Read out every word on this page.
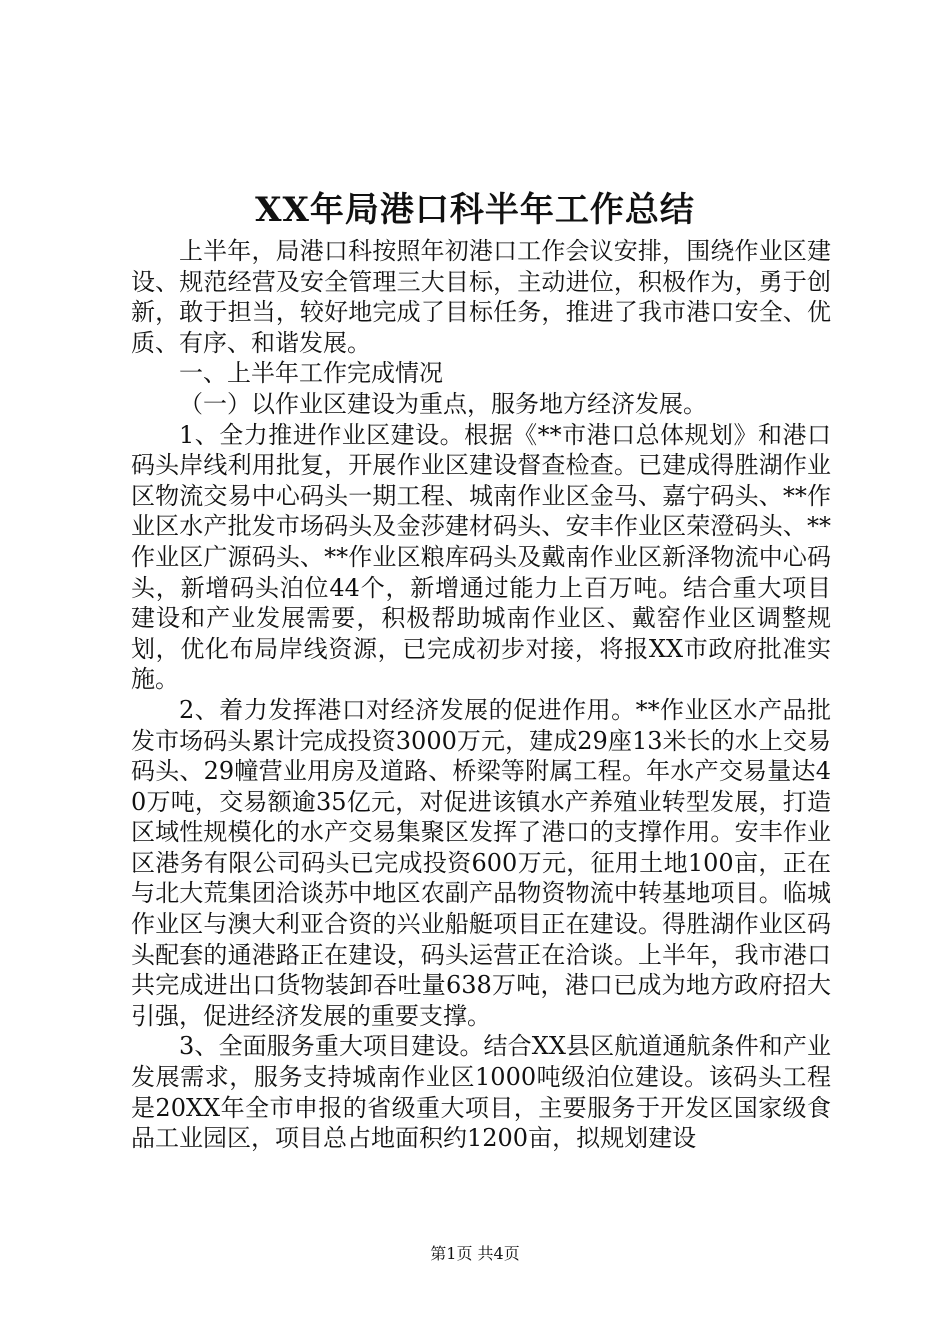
XX年局港口科半年工作总结

上半年，局港口科按照年初港口工作会议安排，围绕作业区建设、规范经营及安全管理三大目标，主动进位，积极作为，勇于创新，敢于担当，较好地完成了目标任务，推进了我市港口安全、优质、有序、和谐发展。

一、上半年工作完成情况

（一）以作业区建设为重点，服务地方经济发展。

1、全力推进作业区建设。根据《**市港口总体规划》和港口码头岸线利用批复，开展作业区建设督查检查。已建成得胜湖作业区物流交易中心码头一期工程、城南作业区金马、嘉宁码头、**作业区水产批发市场码头及金莎建材码头、安丰作业区荣澄码头、**作业区广源码头、**作业区粮库码头及戴南作业区新泽物流中心码头，新增码头泊位44个，新增通过能力上百万吨。结合重大项目建设和产业发展需要，积极帮助城南作业区、戴窑作业区调整规划，优化布局岸线资源，已完成初步对接，将报XX市政府批准实施。

2、着力发挥港口对经济发展的促进作用。**作业区水产品批发市场码头累计完成投资3000万元，建成29座13米长的水上交易码头、29幢营业用房及道路、桥梁等附属工程。年水产交易量达40万吨，交易额逾35亿元，对促进该镇水产养殖业转型发展，打造区域性规模化的水产交易集聚区发挥了港口的支撑作用。安丰作业区港务有限公司码头已完成投资600万元，征用土地100亩，正在与北大荒集团洽谈苏中地区农副产品物资物流中转基地项目。临城作业区与澳大利亚合资的兴业船艇项目正在建设。得胜湖作业区码头配套的通港路正在建设，码头运营正在洽谈。上半年，我市港口共完成进出口货物装卸吞吐量638万吨，港口已成为地方政府招大引强，促进经济发展的重要支撑。

3、全面服务重大项目建设。结合XX县区航道通航条件和产业发展需求，服务支持城南作业区1000吨级泊位建设。该码头工程是20XX年全市申报的省级重大项目，主要服务于开发区国家级食品工业园区，项目总占地面积约1200亩，拟规划建设

第1页 共4页
